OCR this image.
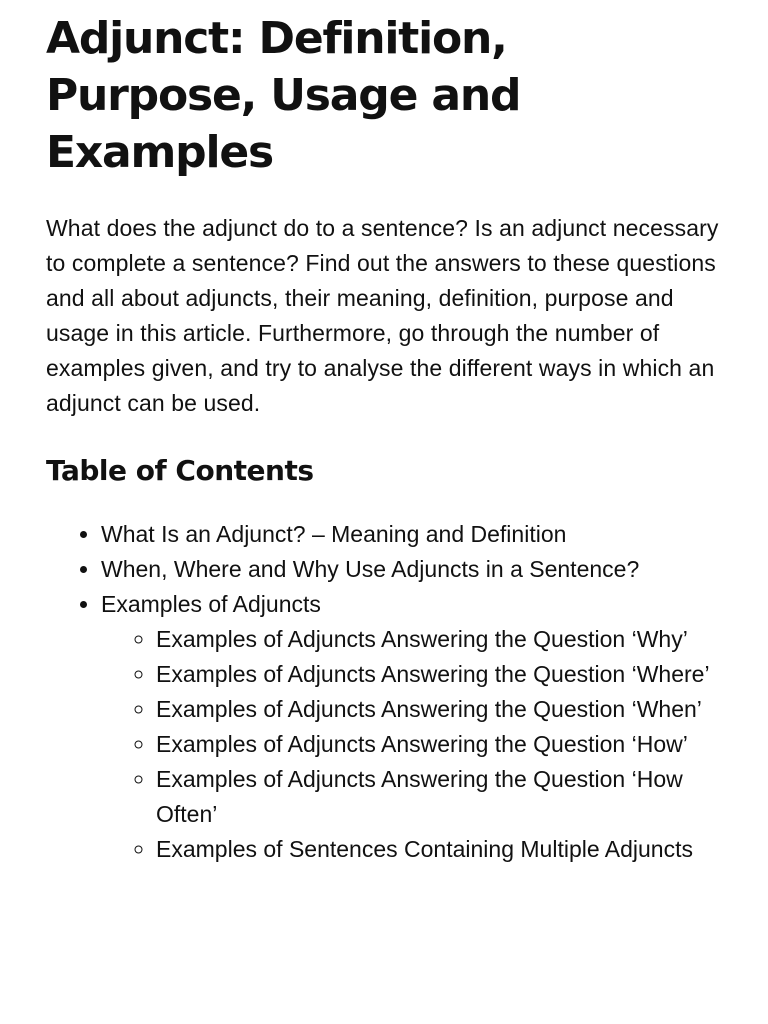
Adjunct: Definition, Purpose, Usage and Examples

What does the adjunct do to a sentence? Is an adjunct necessary to complete a sentence? Find out the answers to these questions and all about adjuncts, their meaning, definition, purpose and usage in this article. Furthermore, go through the number of examples given, and try to analyse the different ways in which an adjunct can be used.

Table of Contents
• What Is an Adjunct? – Meaning and Definition
• When, Where and Why Use Adjuncts in a Sentence?
• Examples of Adjuncts
◦ Examples of Adjuncts Answering the Question ‘Why’
◦ Examples of Adjuncts Answering the Question ‘Where’
◦ Examples of Adjuncts Answering the Question ‘When’
◦ Examples of Adjuncts Answering the Question ‘How’
◦ Examples of Adjuncts Answering the Question ‘How Often’
◦ Examples of Sentences Containing Multiple Adjuncts
